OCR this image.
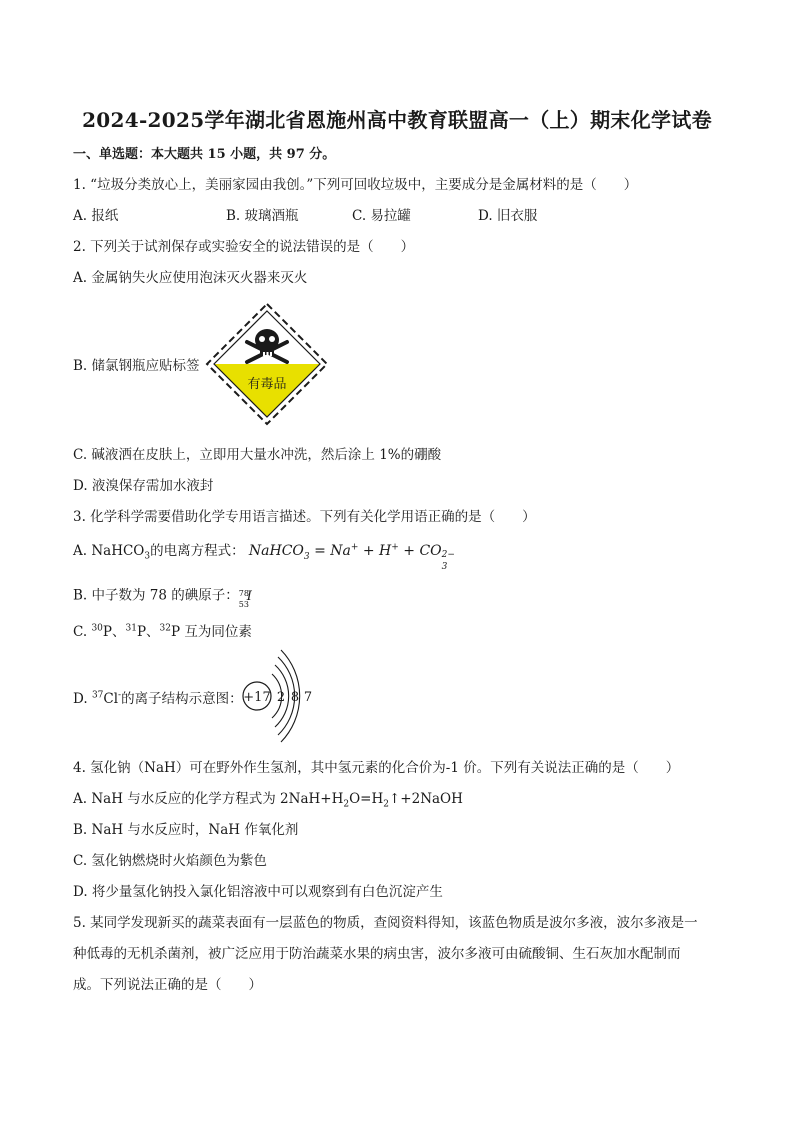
2024-2025学年湖北省恩施州高中教育联盟高一（上）期末化学试卷
一、单选题：本大题共 15 小题，共 97 分。
1. “垃圾分类放心上，美丽家园由我创。”下列可回收垃圾中，主要成分是金属材料的是（　　）
A. 报纸	B. 玻璃酒瓶	C. 易拉罐	D. 旧衣服
2. 下列关于试剂保存或实验安全的说法错误的是（　　）
A. 金属钠失火应使用泡沫灭火器来灭火
B. 储氯钢瓶应贴标签
有毒品
C. 碱液洒在皮肤上，立即用大量水冲洗，然后涂上 1%的硼酸
D. 液溴保存需加水液封
3. 化学科学需要借助化学专用语言描述。下列有关化学用语正确的是（　　）
A. NaHCO$_3$的电离方程式： NaHCO$_3$ = Na+ + H+ + CO 2−
3
B. 中子数为 78 的碘原子： 78
53
I
C. $^{30}$P、$^{31}$P、$^{32}$P 互为同位素
D. $^{37}$Cl-的离子结构示意图： +17 2 8 7
4. 氢化钠（NaH）可在野外作生氢剂，其中氢元素的化合价为-1 价。下列有关说法正确的是（　　）
A. NaH 与水反应的化学方程式为 $2NaH+H_2O=H_2↑+2NaOH$
B. NaH 与水反应时，NaH 作氧化剂
C. 氢化钠燃烧时火焰颜色为紫色
D. 将少量氢化钠投入氯化铝溶液中可以观察到有白色沉淀产生
5. 某同学发现新买的蔬菜表面有一层蓝色的物质，查阅资料得知，该蓝色物质是波尔多液，波尔多液是一
种低毒的无机杀菌剂，被广泛应用于防治蔬菜水果的病虫害，波尔多液可由硫酸铜、生石灰加水配制而
成。下列说法正确的是（　　）
